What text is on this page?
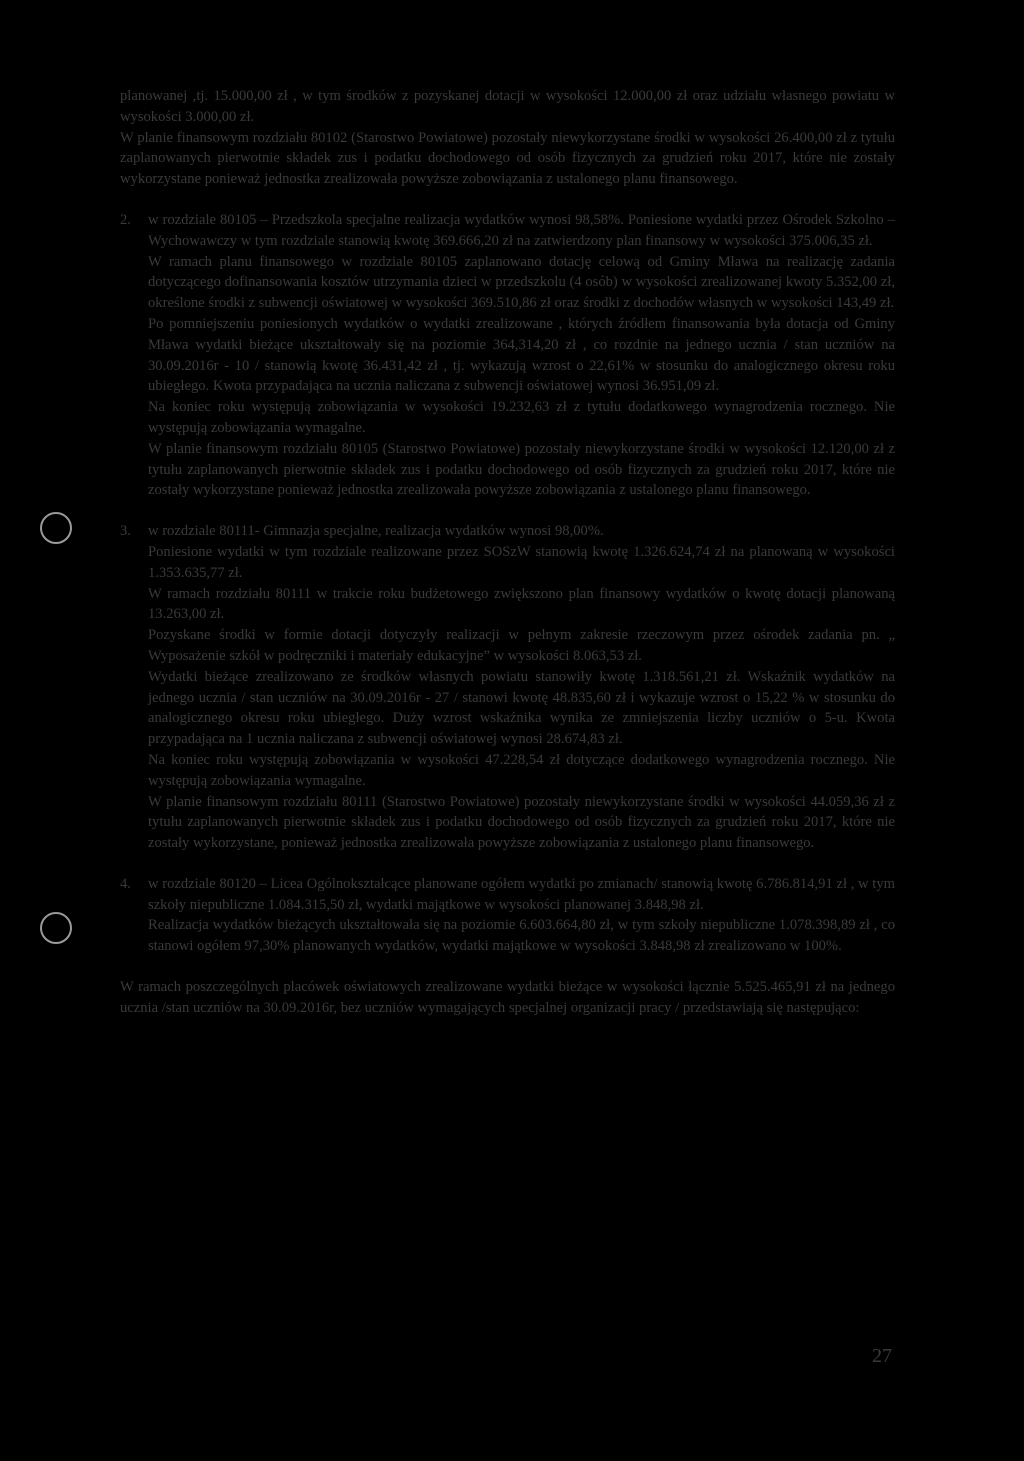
planowanej ,tj. 15.000,00 zł , w tym środków z pozyskanej dotacji w wysokości 12.000,00 zł oraz udziału własnego powiatu w wysokości 3.000,00 zł.

W planie finansowym rozdziału 80102 (Starostwo Powiatowe) pozostały niewykorzystane środki w wysokości 26.400,00 zł z tytułu zaplanowanych pierwotnie składek zus i podatku dochodowego od osób fizycznych za grudzień roku 2017, które nie zostały wykorzystane ponieważ jednostka zrealizowała powyższe zobowiązania z ustalonego planu finansowego.

2.	w rozdziale 80105 – Przedszkola specjalne realizacja wydatków wynosi 98,58%. Poniesione wydatki przez Ośrodek Szkolno – Wychowawczy w tym rozdziale stanowią kwotę 369.666,20 zł na zatwierdzony plan finansowy w wysokości 375.006,35 zł.

W ramach planu finansowego w rozdziale 80105 zaplanowano dotację celową od Gminy Mława na realizację zadania dotyczącego dofinansowania kosztów utrzymania dzieci w przedszkolu (4 osób) w wysokości zrealizowanej kwoty 5.352,00 zł, określone środki z subwencji oświatowej w wysokości 369.510,86 zł oraz środki z dochodów własnych w wysokości 143,49 zł.

Po pomniejszeniu poniesionych wydatków o wydatki zrealizowane , których źródłem finansowania była dotacja od Gminy Mława wydatki bieżące ukształtowały się na poziomie 364,314,20 zł , co rozdnie na jednego ucznia / stan uczniów na 30.09.2016r - 10 / stanowią kwotę 36.431,42 zł , tj. wykazują wzrost o 22,61% w stosunku do analogicznego okresu roku ubiegłego. Kwota przypadająca na ucznia naliczana z subwencji oświatowej wynosi 36.951,09 zł.

Na koniec roku występują zobowiązania w wysokości 19.232,63 zł z tytułu dodatkowego wynagrodzenia rocznego. Nie występują zobowiązania wymagalne.

W planie finansowym rozdziału 80105 (Starostwo Powiatowe) pozostały niewykorzystane środki w wysokości 12.120,00 zł z tytułu zaplanowanych pierwotnie składek zus i podatku dochodowego od osób fizycznych za grudzień roku 2017, które nie zostały wykorzystane ponieważ jednostka zrealizowała powyższe zobowiązania z ustalonego planu finansowego.

3.	w rozdziale 80111- Gimnazja specjalne, realizacja wydatków wynosi 98,00%.

Poniesione wydatki w tym rozdziale realizowane przez SOSzW stanowią kwotę 1.326.624,74 zł na planowaną w wysokości 1.353.635,77 zł.

W ramach rozdziału 80111 w trakcie roku budżetowego zwiększono plan finansowy wydatków o kwotę dotacji planowaną 13.263,00 zł.

Pozyskane środki w formie dotacji dotyczyły realizacji w pełnym zakresie rzeczowym przez ośrodek zadania pn. „ Wyposażenie szkół w podręczniki i materiały edukacyjne” w wysokości 8.063,53 zł.

Wydatki bieżące zrealizowano ze środków własnych powiatu stanowiły kwotę 1.318.561,21 zł. Wskaźnik wydatków na jednego ucznia / stan uczniów na 30.09.2016r - 27 / stanowi kwotę 48.835,60 zł i wykazuje wzrost o 15,22 % w stosunku do analogicznego okresu roku ubiegłego. Duży wzrost wskaźnika wynika ze zmniejszenia liczby uczniów o 5-u. Kwota przypadająca na 1 ucznia naliczana z subwencji oświatowej wynosi 28.674,83 zł.

Na koniec roku występują zobowiązania w wysokości 47.228,54 zł dotyczące dodatkowego wynagrodzenia rocznego. Nie występują zobowiązania wymagalne.

W planie finansowym rozdziału 80111 (Starostwo Powiatowe) pozostały niewykorzystane środki w wysokości 44.059,36 zł z tytułu zaplanowanych pierwotnie składek zus i podatku dochodowego od osób fizycznych za grudzień roku 2017, które nie zostały wykorzystane, ponieważ jednostka zrealizowała powyższe zobowiązania z ustalonego planu finansowego.

4.	w rozdziale 80120 – Licea Ogólnokształcące planowane ogółem wydatki po zmianach/ stanowią kwotę 6.786.814,91 zł , w tym szkoły niepubliczne 1.084.315,50 zł, wydatki majątkowe w wysokości planowanej 3.848,98 zł.

Realizacja wydatków bieżących ukształtowała się na poziomie 6.603.664,80 zł, w tym szkoły niepubliczne 1.078.398,89 zł , co stanowi ogółem 97,30% planowanych wydatków, wydatki majątkowe w wysokości 3.848,98 zł zrealizowano w 100%.

W ramach poszczególnych placówek oświatowych zrealizowane wydatki bieżące w wysokości łącznie 5.525.465,91 zł na jednego ucznia /stan uczniów na 30.09.2016r, bez uczniów wymagających specjalnej organizacji pracy / przedstawiają się następująco:

27
